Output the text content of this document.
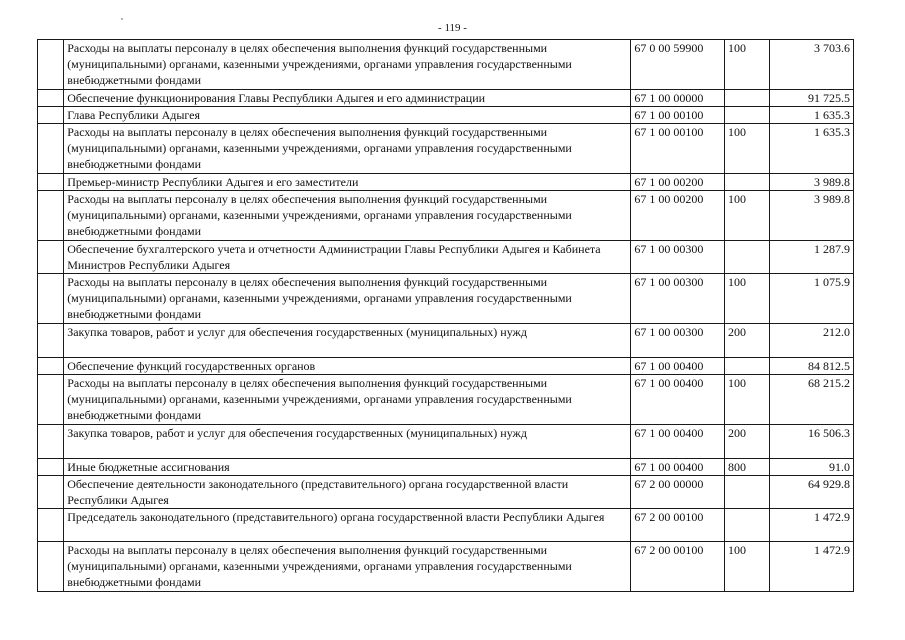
- 119 -
	Расходы на выплаты персоналу в целях обеспечения выполнения функций государственными (муниципальными) органами, казенными учреждениями, органами управления государственными внебюджетными фондами	67 0 00 59900	100	3 703.6
	Обеспечение функционирования Главы Республики Адыгея и его администрации	67 1 00 00000		91 725.5
	Глава Республики Адыгея	67 1 00 00100		1 635.3
	Расходы на выплаты персоналу в целях обеспечения выполнения функций государственными (муниципальными) органами, казенными учреждениями, органами управления государственными внебюджетными фондами	67 1 00 00100	100	1 635.3
	Премьер-министр Республики Адыгея и его заместители	67 1 00 00200		3 989.8
	Расходы на выплаты персоналу в целях обеспечения выполнения функций государственными (муниципальными) органами, казенными учреждениями, органами управления государственными внебюджетными фондами	67 1 00 00200	100	3 989.8
	Обеспечение бухгалтерского учета и отчетности Администрации Главы Республики Адыгея и Кабинета Министров Республики Адыгея	67 1 00 00300		1 287.9
	Расходы на выплаты персоналу в целях обеспечения выполнения функций государственными (муниципальными) органами, казенными учреждениями, органами управления государственными внебюджетными фондами	67 1 00 00300	100	1 075.9
	Закупка товаров, работ и услуг для обеспечения государственных (муниципальных) нужд	67 1 00 00300	200	212.0
	Обеспечение функций государственных органов	67 1 00 00400		84 812.5
	Расходы на выплаты персоналу в целях обеспечения выполнения функций государственными (муниципальными) органами, казенными учреждениями, органами управления государственными внебюджетными фондами	67 1 00 00400	100	68 215.2
	Закупка товаров, работ и услуг для обеспечения государственных (муниципальных) нужд	67 1 00 00400	200	16 506.3
	Иные бюджетные ассигнования	67 1 00 00400	800	91.0
	Обеспечение деятельности законодательного (представительного) органа государственной власти Республики Адыгея	67 2 00 00000		64 929.8
	Председатель законодательного (представительного) органа государственной власти Республики Адыгея	67 2 00 00100		1 472.9
	Расходы на выплаты персоналу в целях обеспечения выполнения функций государственными (муниципальными) органами, казенными учреждениями, органами управления государственными внебюджетными фондами	67 2 00 00100	100	1 472.9
